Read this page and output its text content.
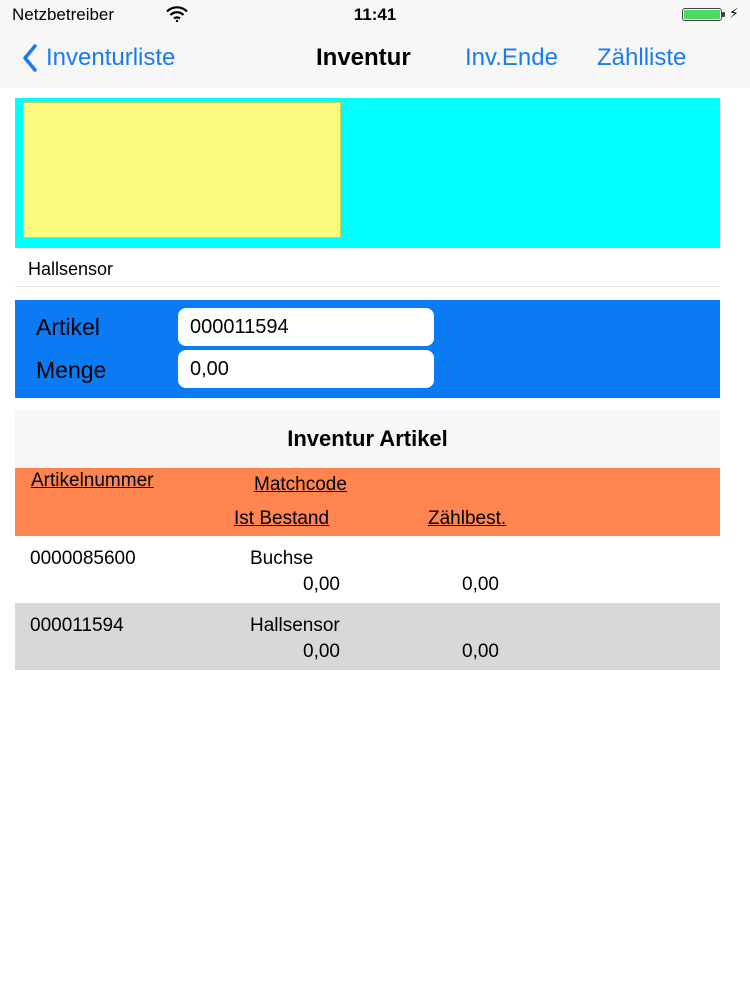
Netzbetreiber	11:41	⚡︎
Inventurliste	Inventur Inv.Ende Zählliste
Hallsensor
Artikel
000011594
Menge
0,00
Inventur Artikel
Artikelnummer	Matchcode
Ist Bestand	Zählbest.
0000085600	Buchse
0,00	0,00
000011594	Hallsensor
0,00	0,00
